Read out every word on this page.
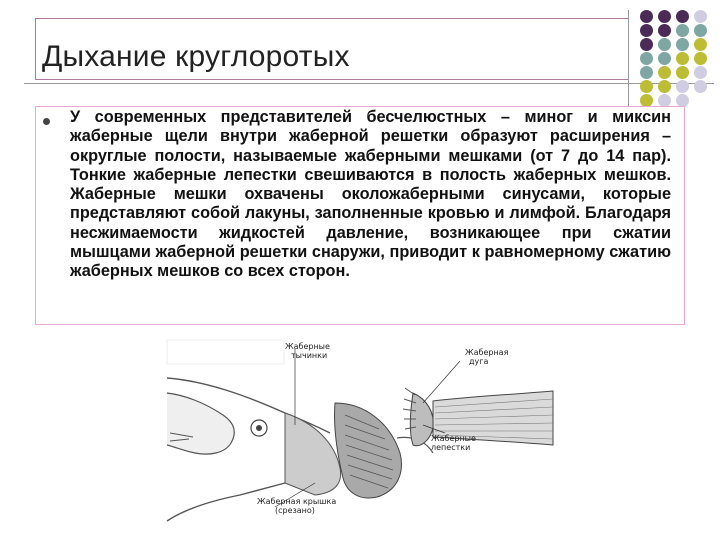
Дыхание круглоротых
У современных представителей бесчелюстных – миног и миксин жаберные щели внутри жаберной решетки образуют расширения – округлые полости, называемые жаберными мешками (от 7 до 14 пар). Тонкие жаберные лепестки свешиваются в полость жаберных мешков. Жаберные мешки охвачены околожаберными синусами, которые представляют собой лакуны, заполненные кровью и лимфой. Благодаря несжимаемости жидкостей давление, возникающее при сжатии мышцами жаберной решетки снаружи, приводит к равномерному сжатию жаберных мешков со всех сторон.
Жаберные
тычинки	Жаберная
дуга
Жаберные
лепестки
Жаберная крышка
(срезано)
